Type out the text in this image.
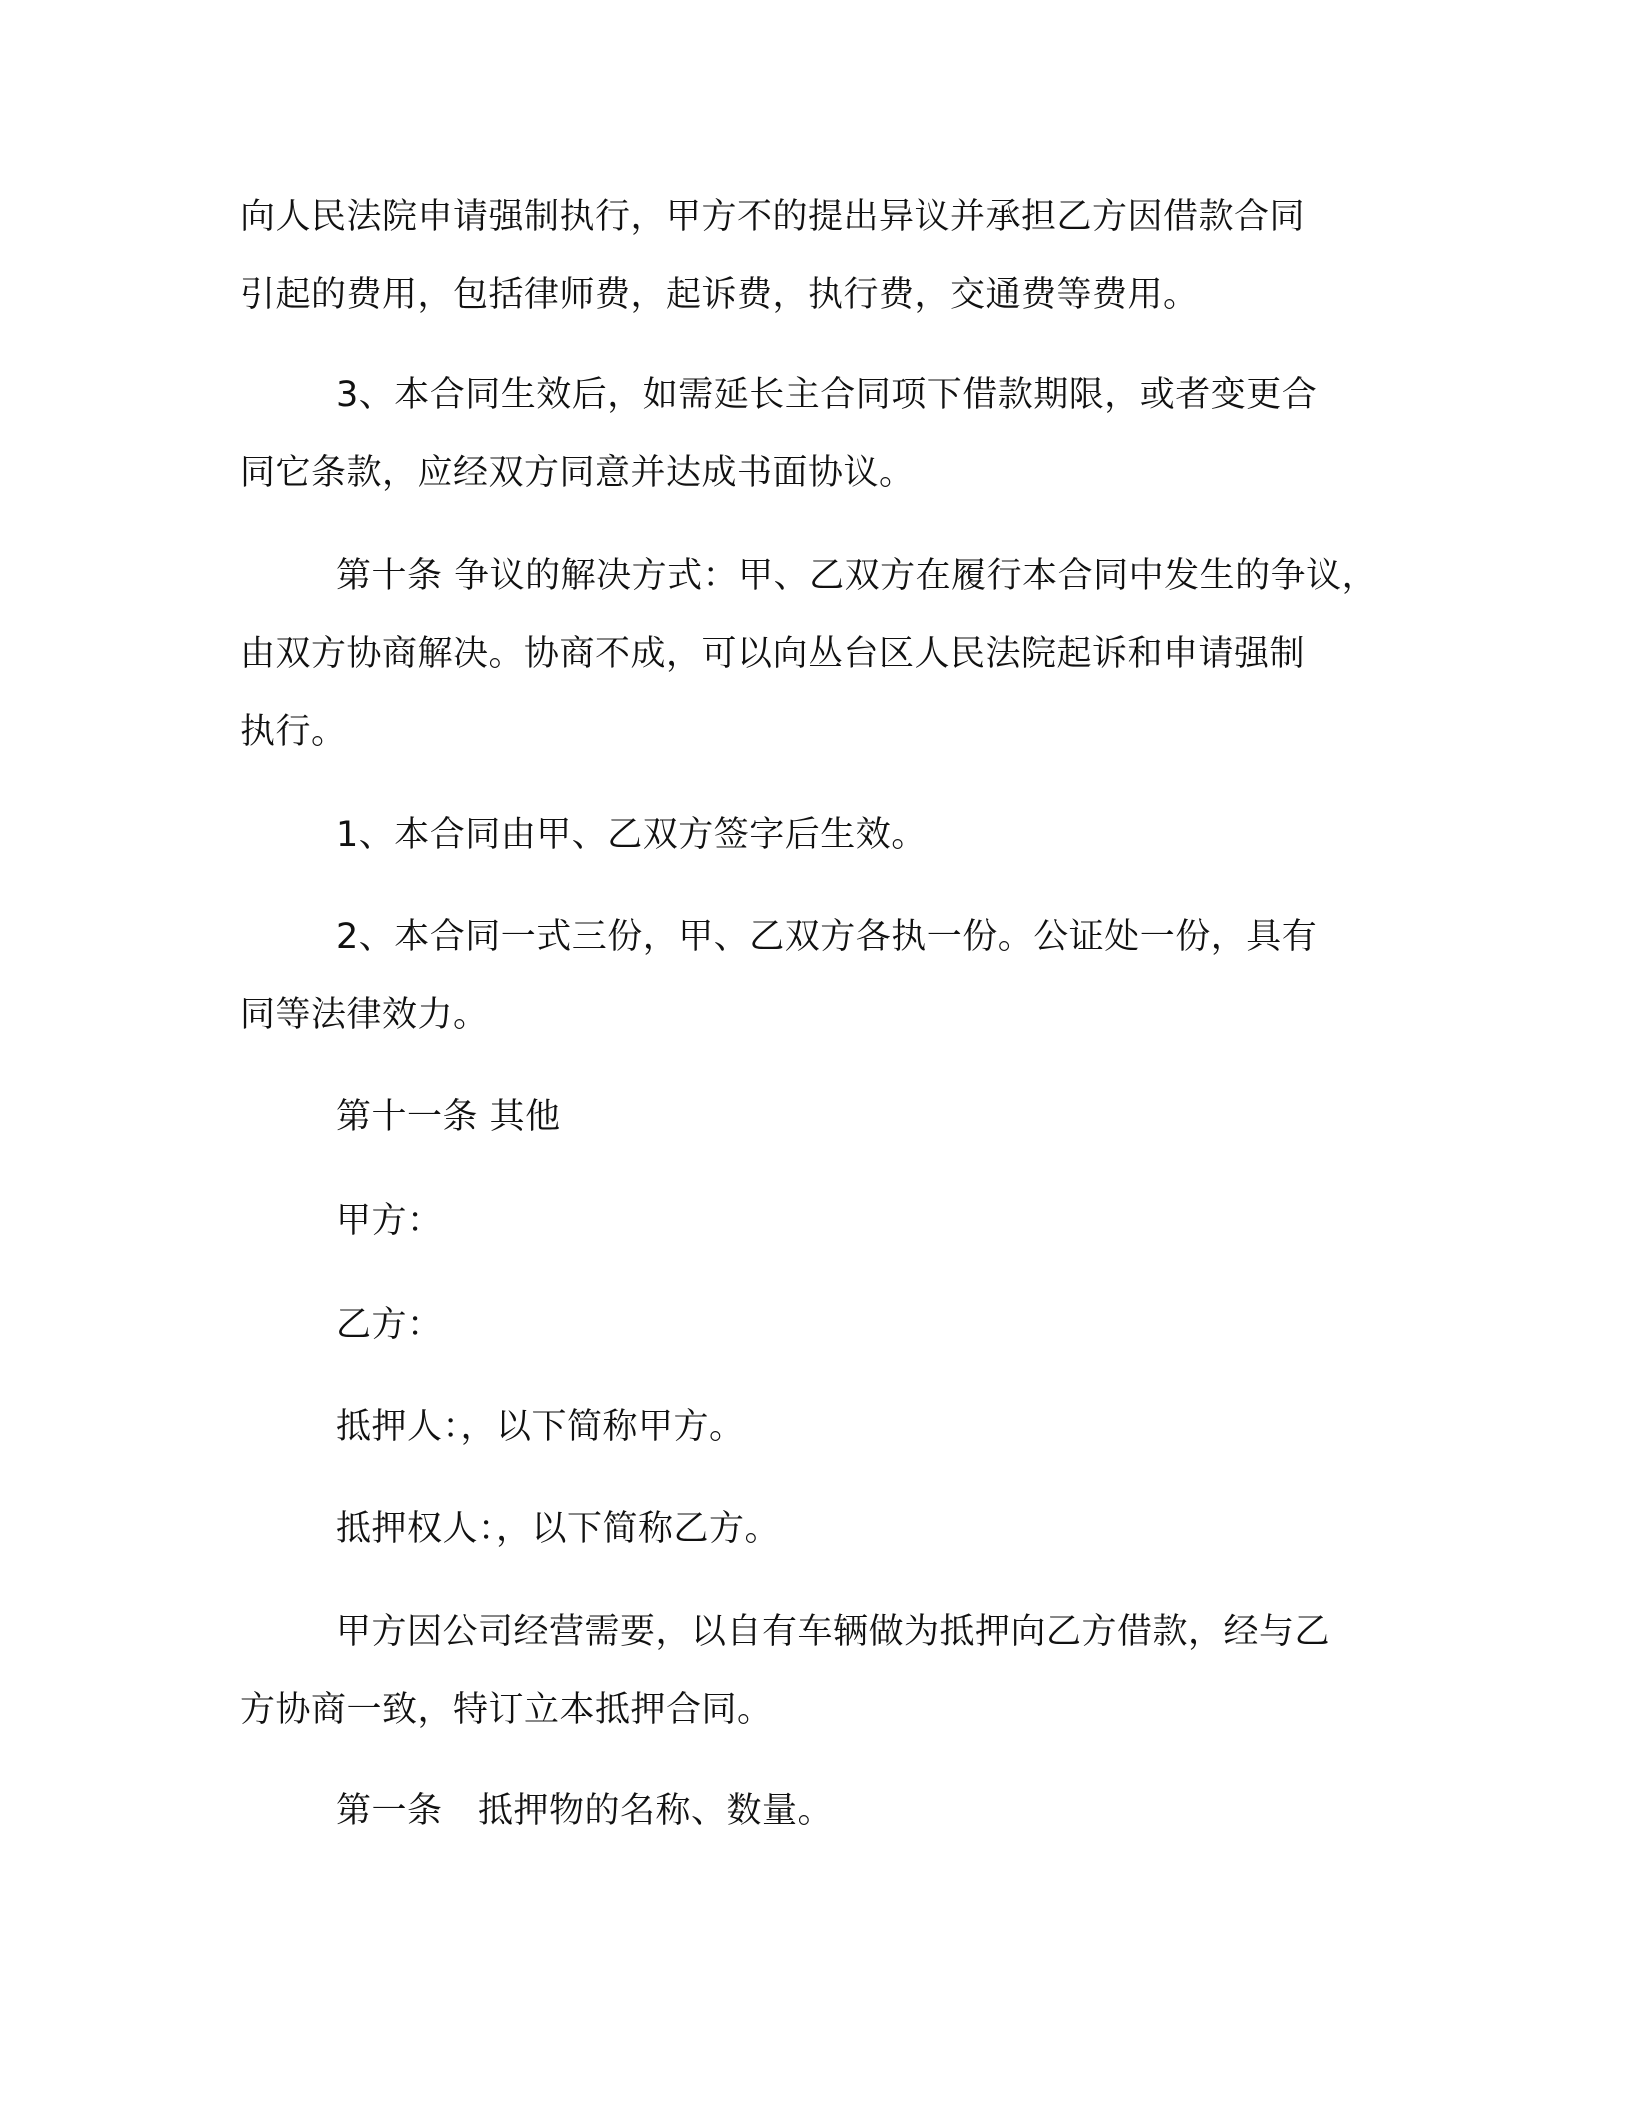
向人民法院申请强制执行，甲方不的提出异议并承担乙方因借款合同
引起的费用，包括律师费，起诉费，执行费，交通费等费用。
3、本合同生效后，如需延长主合同项下借款期限，或者变更合
同它条款，应经双方同意并达成书面协议。
第十条 争议的解决方式：甲、乙双方在履行本合同中发生的争议，
由双方协商解决。协商不成，可以向丛台区人民法院起诉和申请强制
执行。
1、本合同由甲、乙双方签字后生效。
2、本合同一式三份，甲、乙双方各执一份。公证处一份，具有
同等法律效力。
第十一条 其他
甲方：
乙方：
抵押人：，以下简称甲方。
抵押权人：，以下简称乙方。
甲方因公司经营需要，以自有车辆做为抵押向乙方借款，经与乙
方协商一致，特订立本抵押合同。
第一条　抵押物的名称、数量。
